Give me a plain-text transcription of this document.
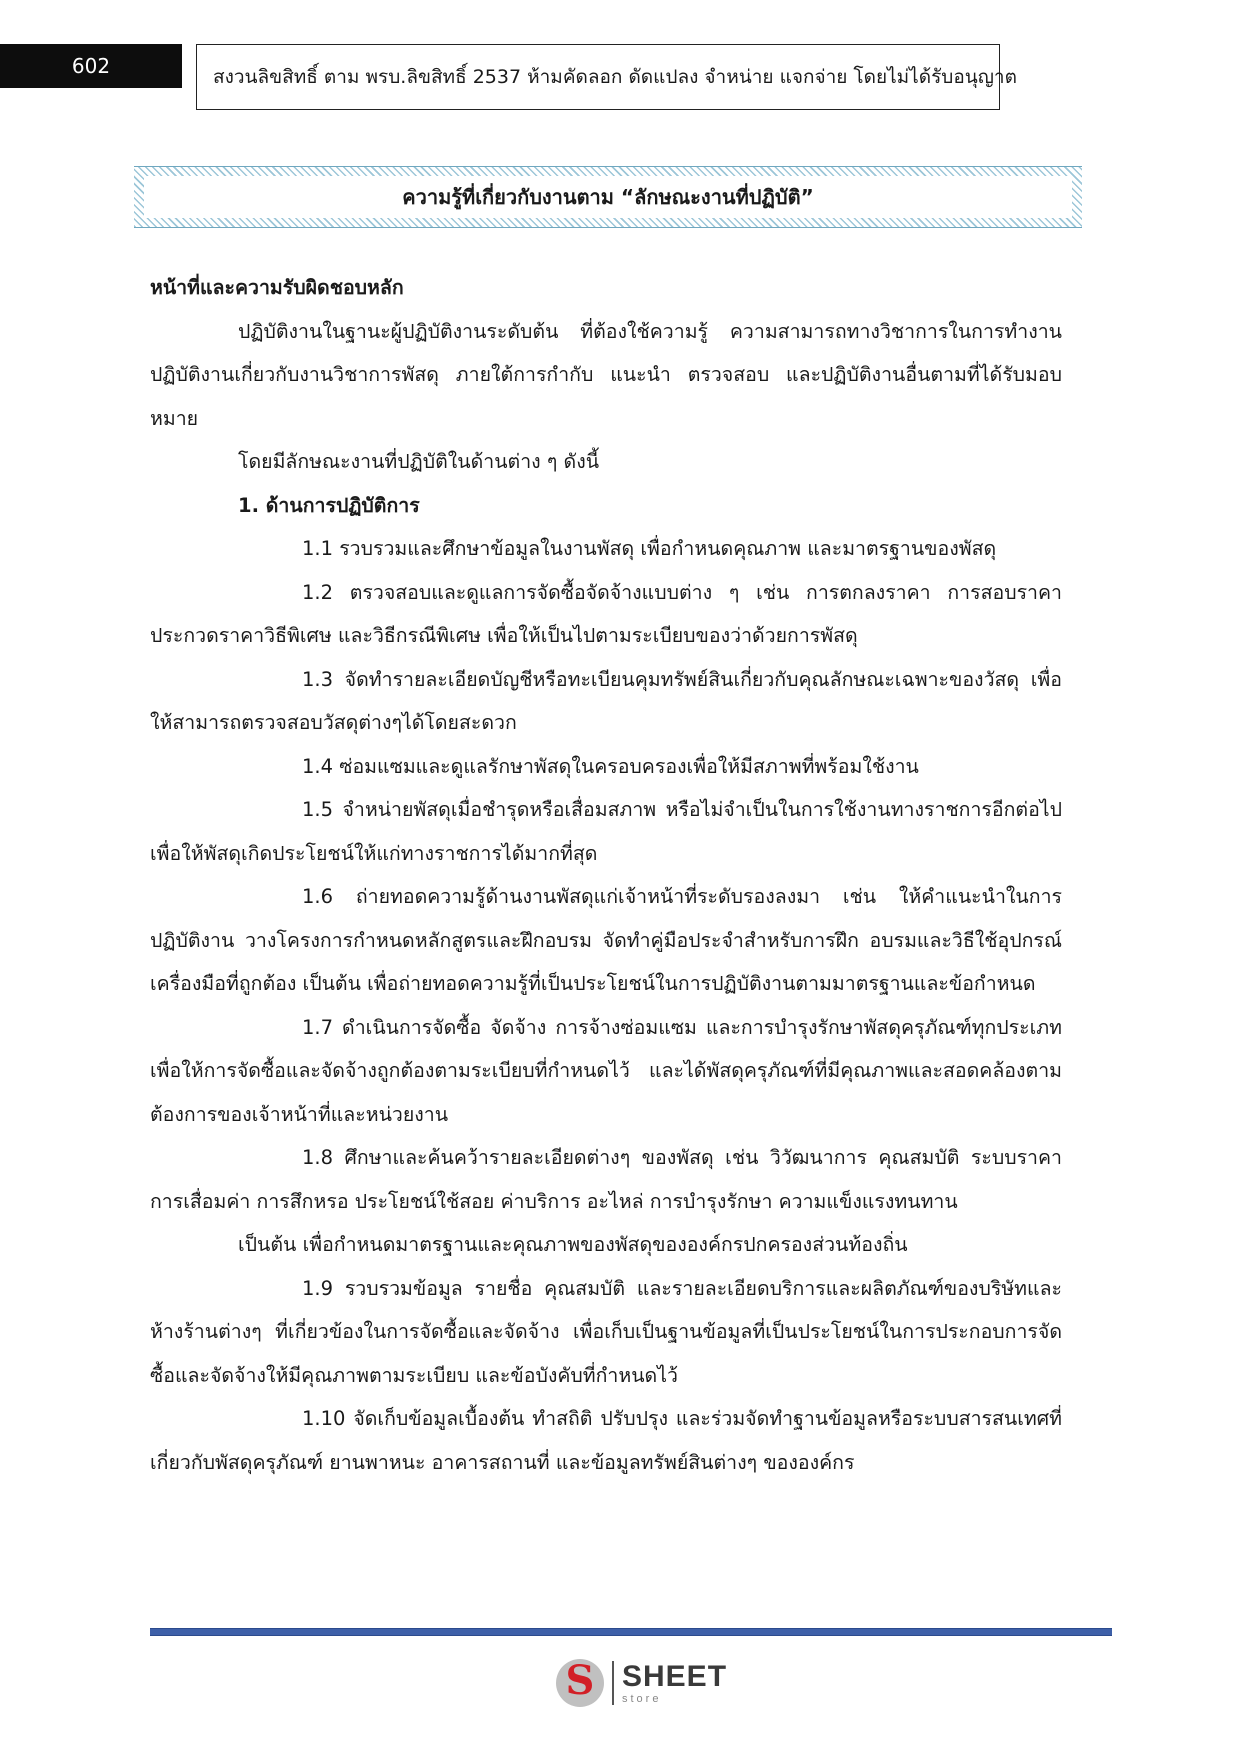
602	สงวนลิขสิทธิ์ ตาม พรบ.ลิขสิทธิ์ 2537 ห้ามคัดลอก ดัดแปลง จำหน่าย แจกจ่าย โดยไม่ได้รับอนุญาต
ความรู้ที่เกี่ยวกับงานตาม “ลักษณะงานที่ปฏิบัติ”

หน้าที่และความรับผิดชอบหลัก

ปฏิบัติงานในฐานะผู้ปฏิบัติงานระดับต้น ที่ต้องใช้ความรู้ ความสามารถทางวิชาการในการทำงาน ปฏิบัติงานเกี่ยวกับงานวิชาการพัสดุ ภายใต้การกำกับ แนะนำ ตรวจสอบ และปฏิบัติงานอื่นตามที่ได้รับมอบหมาย

โดยมีลักษณะงานที่ปฏิบัติในด้านต่าง ๆ ดังนี้

1. ด้านการปฏิบัติการ

1.1 รวบรวมและศึกษาข้อมูลในงานพัสดุ เพื่อกำหนดคุณภาพ และมาตรฐานของพัสดุ

1.2 ตรวจสอบและดูแลการจัดซื้อจัดจ้างแบบต่าง ๆ เช่น การตกลงราคา การสอบราคา ประกวดราคาวิธีพิเศษ และวิธีกรณีพิเศษ เพื่อให้เป็นไปตามระเบียบของว่าด้วยการพัสดุ

1.3 จัดทำรายละเอียดบัญชีหรือทะเบียนคุมทรัพย์สินเกี่ยวกับคุณลักษณะเฉพาะของวัสดุ เพื่อให้สามารถตรวจสอบวัสดุต่างๆได้โดยสะดวก

1.4 ซ่อมแซมและดูแลรักษาพัสดุในครอบครองเพื่อให้มีสภาพที่พร้อมใช้งาน

1.5 จำหน่ายพัสดุเมื่อชำรุดหรือเสื่อมสภาพ หรือไม่จำเป็นในการใช้งานทางราชการอีกต่อไป เพื่อให้พัสดุเกิดประโยชน์ให้แก่ทางราชการได้มากที่สุด

1.6 ถ่ายทอดความรู้ด้านงานพัสดุแก่เจ้าหน้าที่ระดับรองลงมา เช่น ให้คำแนะนำในการปฏิบัติงาน วางโครงการกำหนดหลักสูตรและฝึกอบรม จัดทำคู่มือประจำสำหรับการฝึก อบรมและวิธีใช้อุปกรณ์เครื่องมือที่ถูกต้อง เป็นต้น เพื่อถ่ายทอดความรู้ที่เป็นประโยชน์ในการปฏิบัติงานตามมาตรฐานและข้อกำหนด

1.7 ดำเนินการจัดซื้อ จัดจ้าง การจ้างซ่อมแซม และการบำรุงรักษาพัสดุครุภัณฑ์ทุกประเภท เพื่อให้การจัดซื้อและจัดจ้างถูกต้องตามระเบียบที่กำหนดไว้ และได้พัสดุครุภัณฑ์ที่มีคุณภาพและสอดคล้องตามต้องการของเจ้าหน้าที่และหน่วยงาน

1.8 ศึกษาและค้นคว้ารายละเอียดต่างๆ ของพัสดุ เช่น วิวัฒนาการ คุณสมบัติ ระบบราคา การเสื่อมค่า การสึกหรอ ประโยชน์ใช้สอย ค่าบริการ อะไหล่ การบำรุงรักษา ความแข็งแรงทนทาน

เป็นต้น เพื่อกำหนดมาตรฐานและคุณภาพของพัสดุขององค์กรปกครองส่วนท้องถิ่น

1.9 รวบรวมข้อมูล รายชื่อ คุณสมบัติ และรายละเอียดบริการและผลิตภัณฑ์ของบริษัทและห้างร้านต่างๆ ที่เกี่ยวข้องในการจัดซื้อและจัดจ้าง เพื่อเก็บเป็นฐานข้อมูลที่เป็นประโยชน์ในการประกอบการจัดซื้อและจัดจ้างให้มีคุณภาพตามระเบียบ และข้อบังคับที่กำหนดไว้

1.10 จัดเก็บข้อมูลเบื้องต้น ทำสถิติ ปรับปรุง และร่วมจัดทำฐานข้อมูลหรือระบบสารสนเทศที่เกี่ยวกับพัสดุครุภัณฑ์ ยานพาหนะ อาคารสถานที่ และข้อมูลทรัพย์สินต่างๆ ขององค์กร

S SHEET
store
